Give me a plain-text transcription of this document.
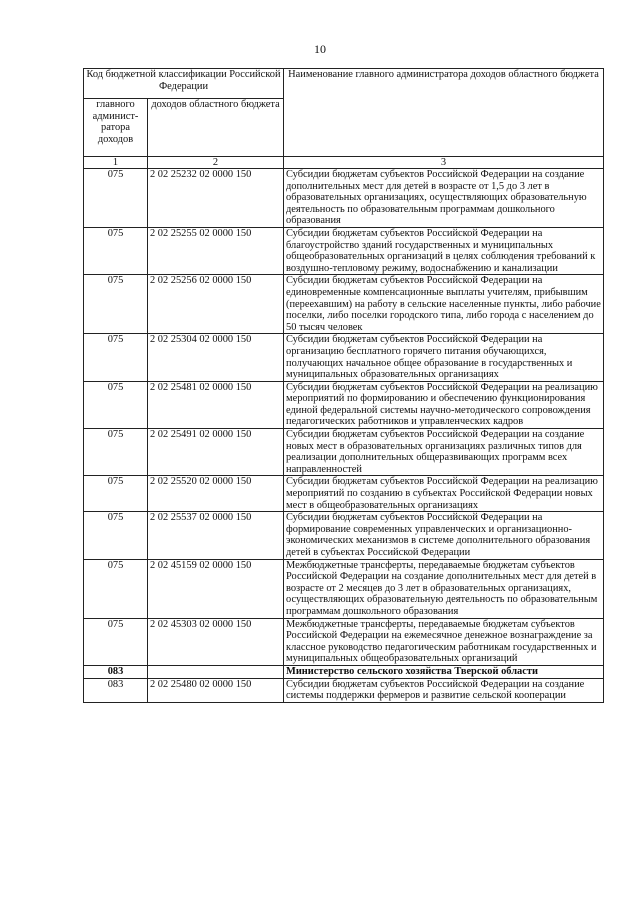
10
Код бюджетной классификации Российской Федерации		Наименование главного администратора доходов областного бюджета
главного админист- ратора доходов	доходов областного бюджета	
1	2	3
075	2 02 25232 02 0000 150	Субсидии бюджетам субъектов Российской Федерации на создание дополнительных мест для детей в возрасте от 1,5 до 3 лет в образовательных организациях, осуществляющих образовательную деятельность по образовательным программам дошкольного образования
075	2 02 25255 02 0000 150	Субсидии бюджетам субъектов Российской Федерации на благоустройство зданий государственных и муниципальных общеобразовательных организаций в целях соблюдения требований к воздушно-тепловому режиму, водоснабжению и канализации
075	2 02 25256 02 0000 150	Субсидии бюджетам субъектов Российской Федерации на единовременные компенсационные выплаты учителям, прибывшим (переехавшим) на работу в сельские населенные пункты, либо рабочие поселки, либо поселки городского типа, либо города с населением до 50 тысяч человек
075	2 02 25304 02 0000 150	Субсидии бюджетам субъектов Российской Федерации на организацию бесплатного горячего питания обучающихся, получающих начальное общее образование в государственных и муниципальных образовательных организациях
075	2 02 25481 02 0000 150	Субсидии бюджетам субъектов Российской Федерации на реализацию мероприятий по формированию и обеспечению функционирования единой федеральной системы научно-методического сопровождения педагогических работников и управленческих кадров
075	2 02 25491 02 0000 150	Субсидии бюджетам субъектов Российской Федерации на создание новых мест в образовательных организациях различных типов для реализации дополнительных общеразвивающих программ всех направленностей
075	2 02 25520 02 0000 150	Субсидии бюджетам субъектов Российской Федерации на реализацию мероприятий по созданию в субъектах Российской Федерации новых мест в общеобразовательных организациях
075	2 02 25537 02 0000 150	Субсидии бюджетам субъектов Российской Федерации на формирование современных управленческих и организационно-экономических механизмов в системе дополнительного образования детей в субъектах Российской Федерации
075	2 02 45159 02 0000 150	Межбюджетные трансферты, передаваемые бюджетам субъектов Российской Федерации на создание дополнительных мест для детей в возрасте от 2 месяцев до 3 лет в образовательных организациях, осуществляющих образовательную деятельность по образовательным программам дошкольного образования
075	2 02 45303 02 0000 150	Межбюджетные трансферты, передаваемые бюджетам субъектов Российской Федерации на ежемесячное денежное вознаграждение за классное руководство педагогическим работникам государственных и муниципальных общеобразовательных организаций
083		Министерство сельского хозяйства Тверской области
083	2 02 25480 02 0000 150	Субсидии бюджетам субъектов Российской Федерации на создание системы поддержки фермеров и развитие сельской кооперации
